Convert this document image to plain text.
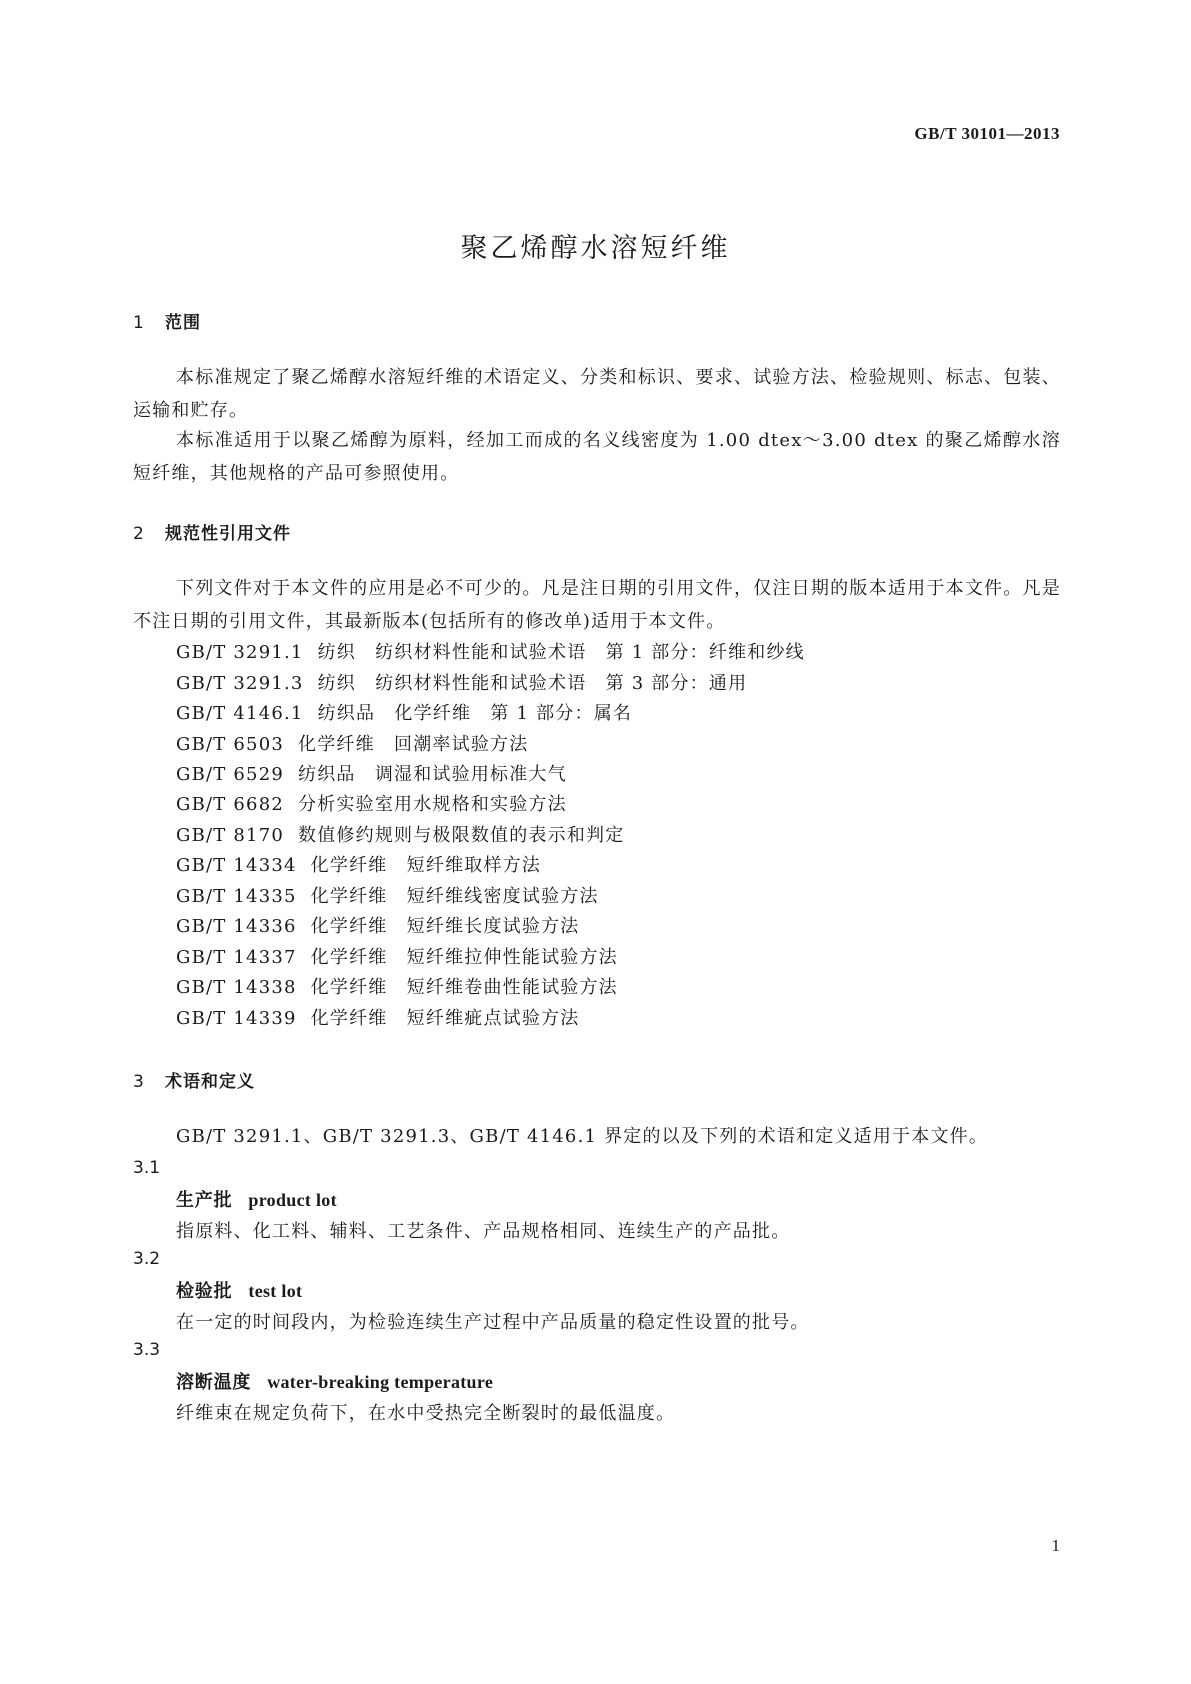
GB/T 30101—2013
聚乙烯醇水溶短纤维
1 范围

本标准规定了聚乙烯醇水溶短纤维的术语定义、分类和标识、要求、试验方法、检验规则、标志、包装、运输和贮存。

本标准适用于以聚乙烯醇为原料，经加工而成的名义线密度为 1.00 dtex～3.00 dtex 的聚乙烯醇水溶短纤维，其他规格的产品可参照使用。

2 规范性引用文件

下列文件对于本文件的应用是必不可少的。凡是注日期的引用文件，仅注日期的版本适用于本文件。凡是不注日期的引用文件，其最新版本(包括所有的修改单)适用于本文件。

GB/T 3291.1 纺织　纺织材料性能和试验术语　第 1 部分：纤维和纱线
GB/T 3291.3 纺织　纺织材料性能和试验术语　第 3 部分：通用
GB/T 4146.1 纺织品　化学纤维　第 1 部分：属名
GB/T 6503 化学纤维　回潮率试验方法
GB/T 6529 纺织品　调湿和试验用标准大气
GB/T 6682 分析实验室用水规格和实验方法
GB/T 8170 数值修约规则与极限数值的表示和判定
GB/T 14334 化学纤维　短纤维取样方法
GB/T 14335 化学纤维　短纤维线密度试验方法
GB/T 14336 化学纤维　短纤维长度试验方法
GB/T 14337 化学纤维　短纤维拉伸性能试验方法
GB/T 14338 化学纤维　短纤维卷曲性能试验方法
GB/T 14339 化学纤维　短纤维疵点试验方法
3 术语和定义

GB/T 3291.1、GB/T 3291.3、GB/T 4146.1 界定的以及下列的术语和定义适用于本文件。

3.1
生产批 product lot
指原料、化工料、辅料、工艺条件、产品规格相同、连续生产的产品批。
3.2
检验批 test lot
在一定的时间段内，为检验连续生产过程中产品质量的稳定性设置的批号。
3.3
溶断温度 water-breaking temperature
纤维束在规定负荷下，在水中受热完全断裂时的最低温度。
1
